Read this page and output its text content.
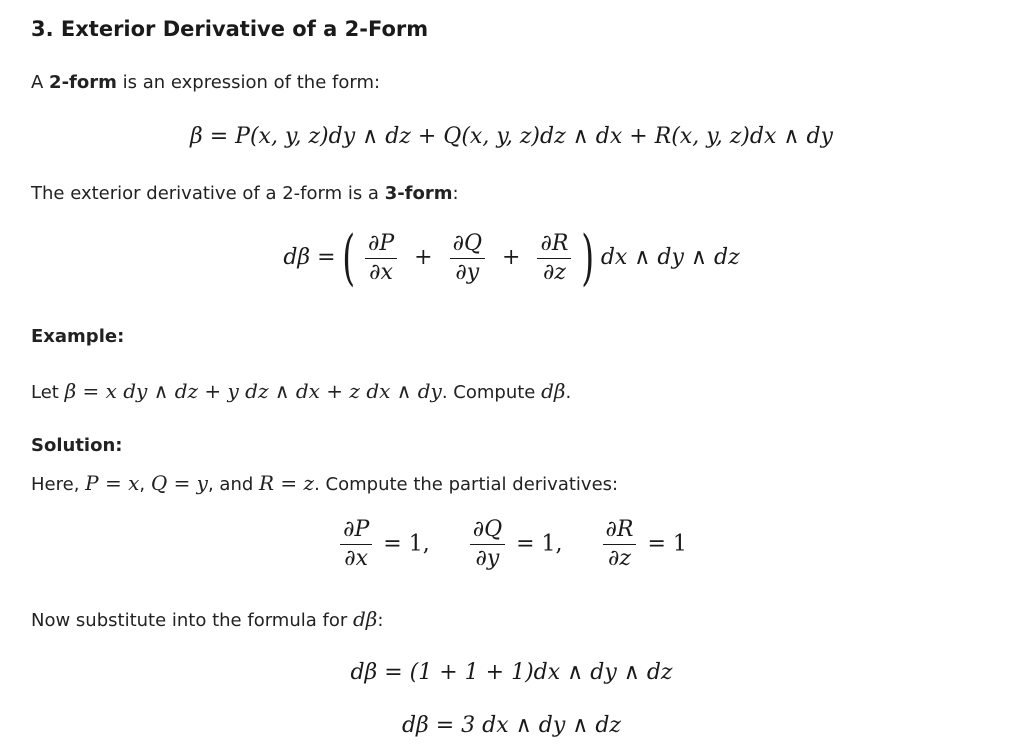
3. Exterior Derivative of a 2-Form
A 2-form is an expression of the form:
β = P(x, y, z)dy ∧ dz + Q(x, y, z)dz ∧ dx + R(x, y, z)dx ∧ dy
The exterior derivative of a 2-form is a 3-form:
dβ = ( $\frac{\partial P}{\partial x} + \frac{\partial Q}{\partial y} + \frac{\partial R}{\partial z}$ ) dx ∧ dy ∧ dz
Example:
Let β = x dy ∧ dz + y dz ∧ dx + z dx ∧ dy. Compute dβ.
Solution:
Here, P = x, Q = y, and R = z. Compute the partial derivatives:
$\frac{\partial P}{\partial x} = 1$, $\frac{\partial Q}{\partial y} = 1$, $\frac{\partial R}{\partial z} = 1$
Now substitute into the formula for dβ:
dβ = (1 + 1 + 1)dx ∧ dy ∧ dz
dβ = 3 dx ∧ dy ∧ dz
